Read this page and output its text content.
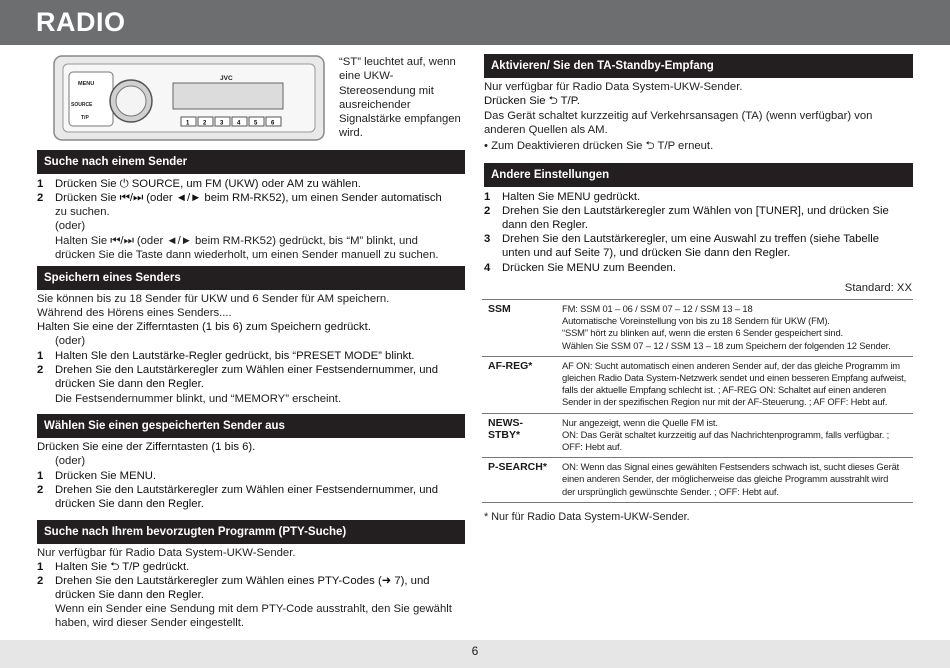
RADIO
MENU
SOURCE
T/P
JVC
1 2 3 4 5 6
“ST” leuchtet auf, wenn eine UKW-Stereosendung mit ausreichender Signalstärke empfangen wird.
Suche nach einem Sender
1 Drücken Sie ⏻ SOURCE, um FM (UKW) oder AM zu wählen.
2 Drücken Sie ⏮/⏭ (oder ◄/► beim RM-RK52), um einen Sender automatisch
zu suchen.
(oder)
Halten Sie ⏮/⏭ (oder ◄/► beim RM-RK52) gedrückt, bis “M” blinkt, und
drücken Sie die Taste dann wiederholt, um einen Sender manuell zu suchen.
Speichern eines Senders
Sie können bis zu 18 Sender für UKW und 6 Sender für AM speichern.
Während des Hörens eines Senders....
Halten Sie eine der Zifferntasten (1 bis 6) zum Speichern gedrückt.
(oder)
1 Halten Sle den Lautstärke-Regler gedrückt, bis “PRESET MODE” blinkt.
2 Drehen Sie den Lautstärkeregler zum Wählen einer Festsendernummer, und
drücken Sie dann den Regler.
Die Festsendernummer blinkt, und “MEMORY” erscheint.
Wählen Sie einen gespeicherten Sender aus
Drücken Sie eine der Zifferntasten (1 bis 6).
(oder)
1 Drücken Sie MENU.
2 Drehen Sie den Lautstärkeregler zum Wählen einer Festsendernummer, und
drücken Sie dann den Regler.
Suche nach Ihrem bevorzugten Programm (PTY-Suche)
Nur verfügbar für Radio Data System-UKW-Sender.
1 Halten Sie ⮌ T/P gedrückt.
2 Drehen Sie den Lautstärkeregler zum Wählen eines PTY-Codes (➜ 7), und
drücken Sie dann den Regler.
Wenn ein Sender eine Sendung mit dem PTY-Code ausstrahlt, den Sie gewählt
haben, wird dieser Sender eingestellt.
Aktivieren/ Sie den TA-Standby-Empfang
Nur verfügbar für Radio Data System-UKW-Sender.
Drücken Sie ⮌ T/P.
Das Gerät schaltet kurzzeitig auf Verkehrsansagen (TA) (wenn verfügbar) von
anderen Quellen als AM.
• Zum Deaktivieren drücken Sie ⮌ T/P erneut.
Andere Einstellungen
1 Halten Sie MENU gedrückt.
2 Drehen Sie den Lautstärkeregler zum Wählen von [TUNER], und drücken Sie
dann den Regler.
3 Drehen Sie den Lautstärkeregler, um eine Auswahl zu treffen (siehe Tabelle
unten und auf Seite 7), und drücken Sie dann den Regler.
4 Drücken Sie MENU zum Beenden.
Standard: XX
SSM	FM: SSM 01 – 06 / SSM 07 – 12 / SSM 13 – 18
Automatische Voreinstellung von bis zu 18 Sendern für UKW (FM).
“SSM” hört zu blinken auf, wenn die ersten 6 Sender gespeichert sind.
Wählen Sie SSM 07 – 12 / SSM 13 – 18 zum Speichern der folgenden 12 Sender.

AF-REG*	AF ON: Sucht automatisch einen anderen Sender auf, der das gleiche Programm im
gleichen Radio Data System-Netzwerk sendet und einen besseren Empfang aufweist,
falls der aktuelle Empfang schlecht ist. ; AF-REG ON: Schaltet auf einen anderen
Sender in der spezifischen Region nur mit der AF-Steuerung. ; AF OFF: Hebt auf.

NEWS-STBY*	Nur angezeigt, wenn die Quelle FM ist.
ON: Das Gerät schaltet kurzzeitig auf das Nachrichtenprogramm, falls verfügbar. ;
OFF: Hebt auf.

P-SEARCH*	ON: Wenn das Signal eines gewählten Festsenders schwach ist, sucht dieses Gerät
einen anderen Sender, der möglicherweise das gleiche Programm ausstrahlt wird
der ursprünglich gewünschte Sender. ; OFF: Hebt auf.
* Nur für Radio Data System-UKW-Sender.
6
